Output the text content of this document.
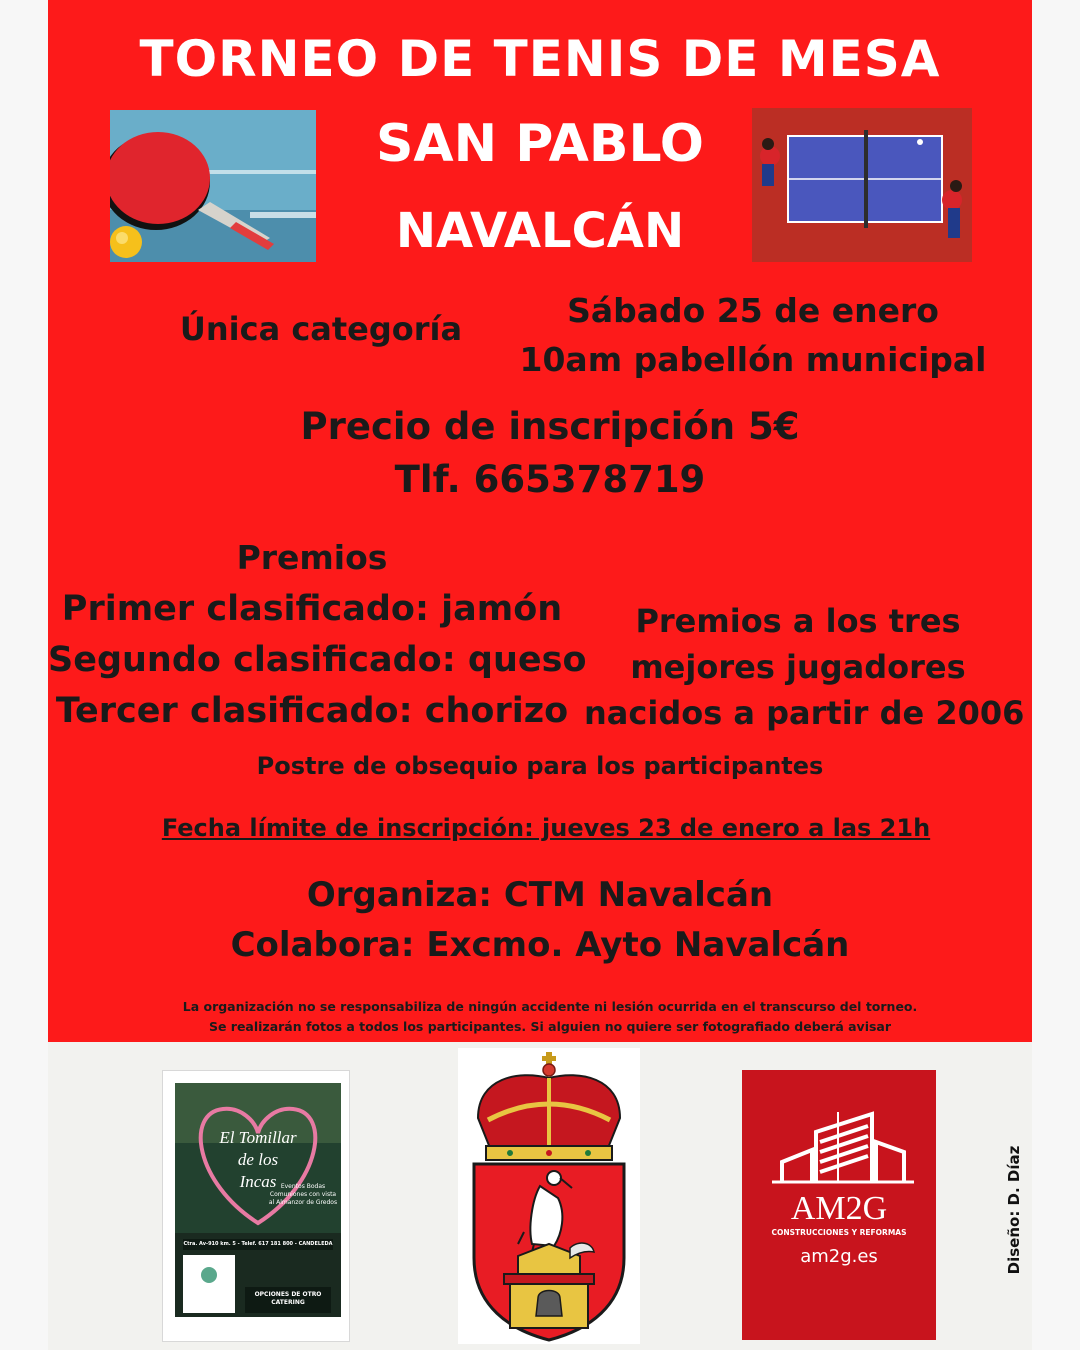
TORNEO DE TENIS DE MESA
SAN PABLO
NAVALCÁN
Única categoría	Sábado 25 de enero
10am pabellón municipal
Precio de inscripción 5€
Tlf. 665378719
Premios
Primer clasificado: jamón
Segundo clasificado: queso
Tercer clasificado: chorizo
Premios a los tres
mejores jugadores
nacidos a partir de 2006
Postre de obsequio para los participantes
Fecha límite de inscripción: jueves 23 de enero a las 21h
Organiza: CTM Navalcán
Colabora: Excmo. Ayto Navalcán
La organización no se responsabiliza de ningún accidente ni lesión ocurrida en el transcurso del torneo.
Se realizarán fotos a todos los participantes. Si alguien no quiere ser fotografiado deberá avisar
El Tomillar
de los
Incas Eventos Bodas Comuniones con vista al Almanzor de Gredos
Ctra. Av-910 km. 5 - Telef. 617 181 800 - CANDELEDA
OPCIONES DE OTRO CATERING
AM2G
CONSTRUCCIONES Y REFORMAS
am2g.es	Diseño: D. Díaz
